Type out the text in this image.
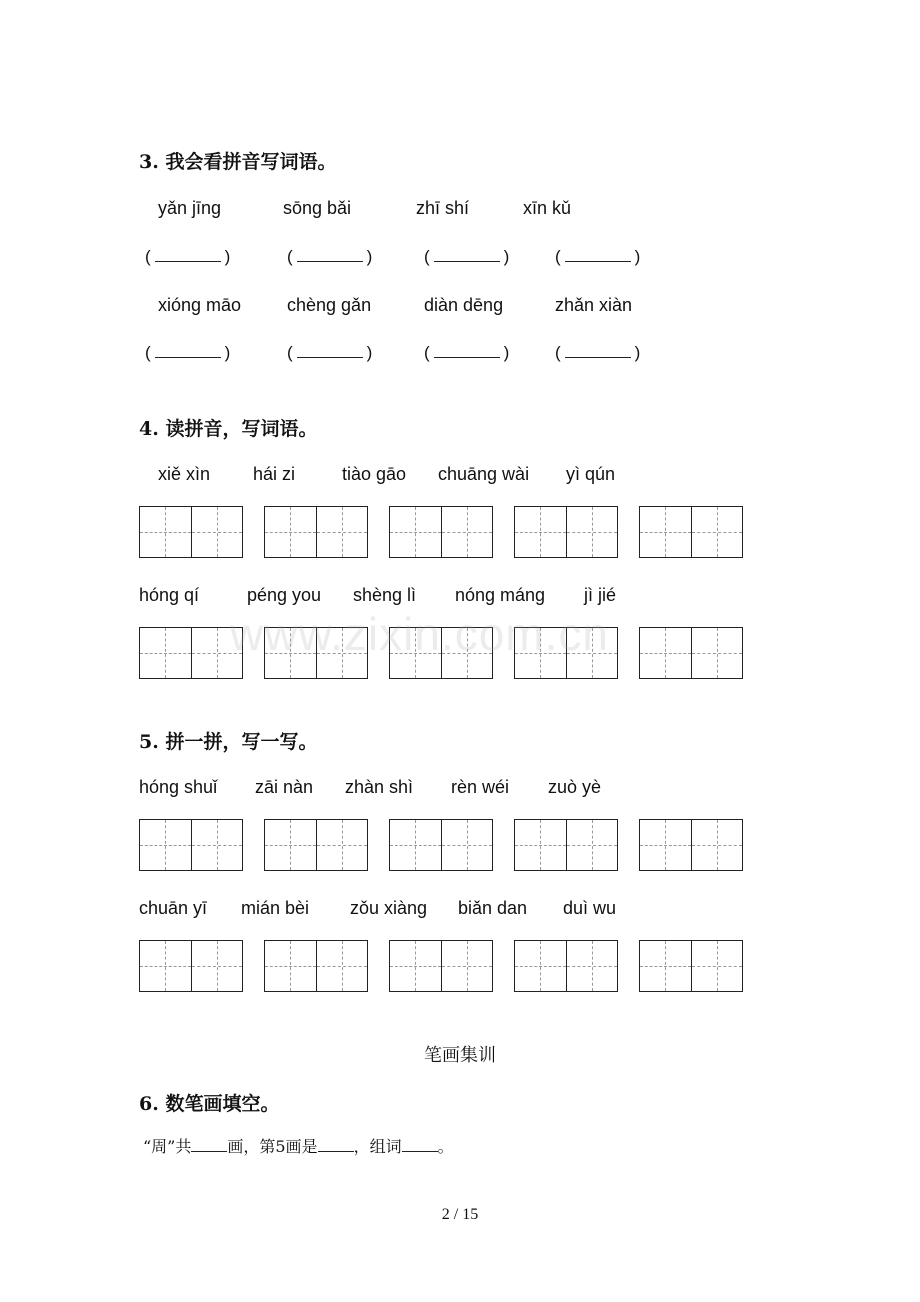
3. 我会看拼音写词语。
yǎn jīng	sōng bǎi	zhī shí	xīn kǔ
(	)	(	)	(	)	(	)
xióng māo	chèng gǎn	diàn dēng	zhǎn xiàn
(	)	(	)	(	)	(	)
4. 读拼音，写词语。
xiě xìn hái zi	tiào gāo chuāng wài yì qún
hóng qí	péng you shèng lì nóng máng jì jié
www.zixin.com.cn
5. 拼一拼，写一写。
hóng shuǐ zāi nàn zhàn shì rèn wéi zuò yè
chuān yī mián bèi zǒu xiàng biǎn dan duì wu
笔画集训
6. 数笔画填空。
“周”共 画，第5画是 ，组词 。
2 / 15
